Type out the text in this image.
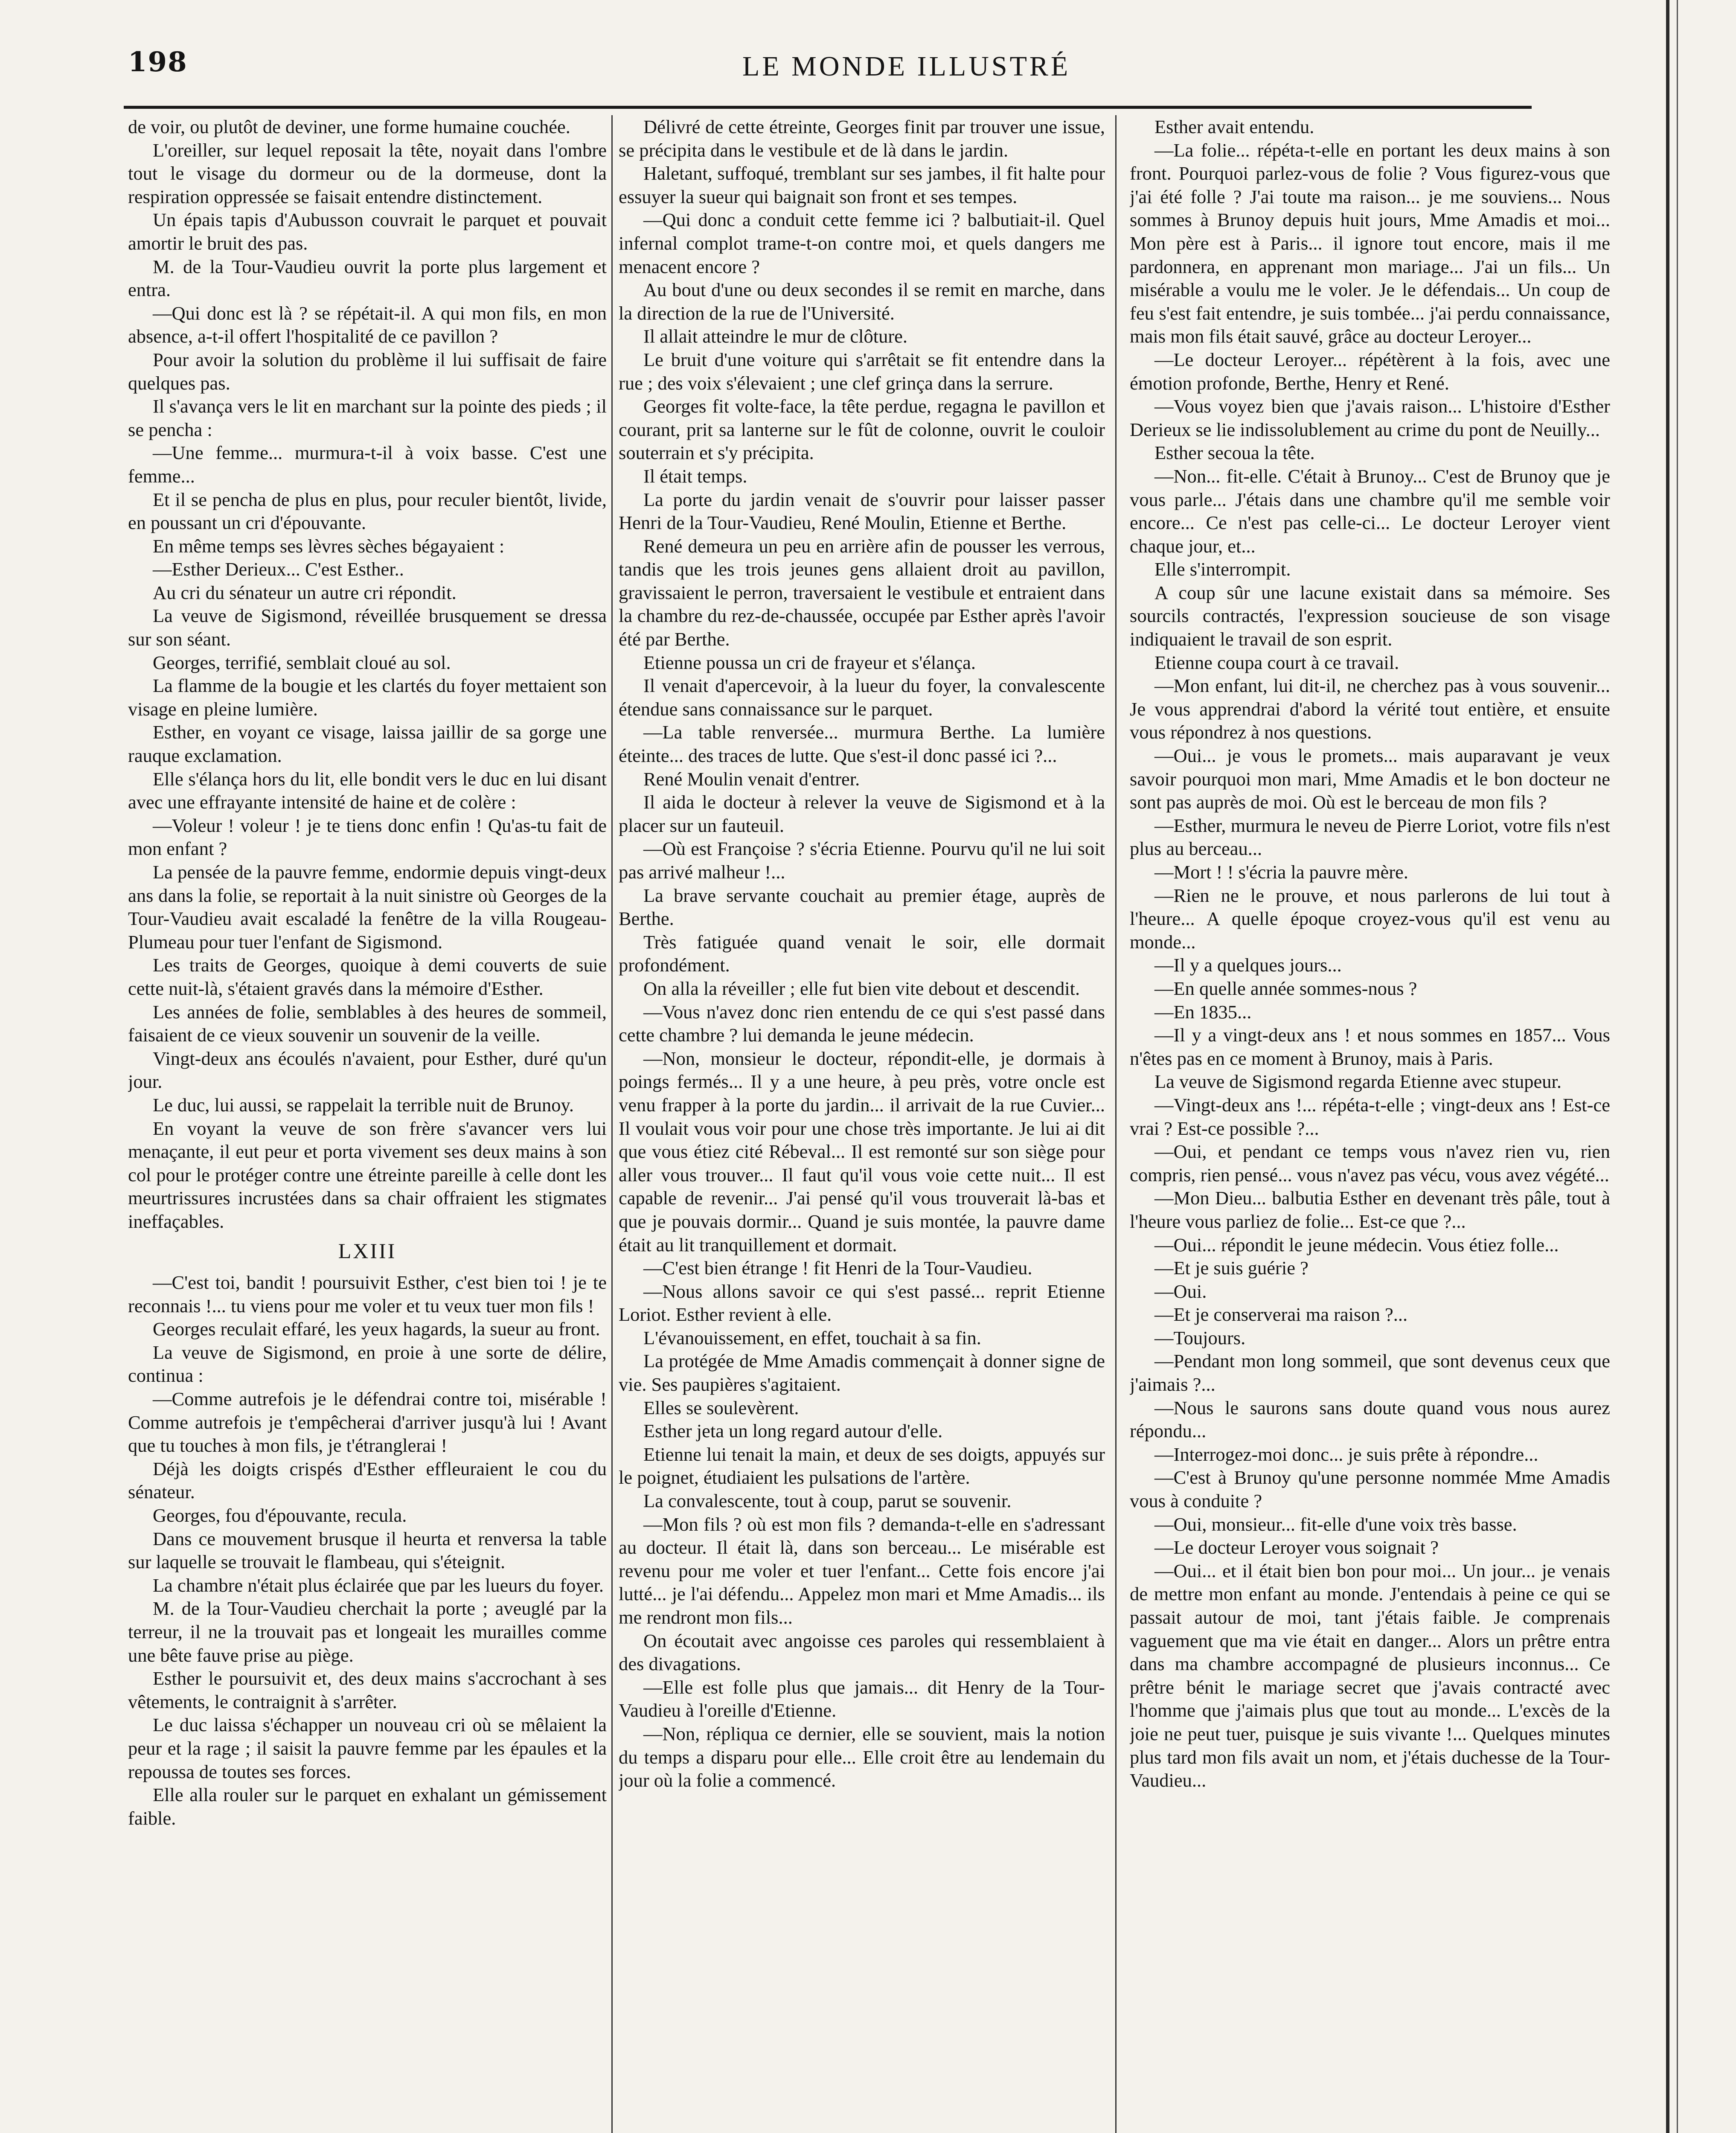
198	LE MONDE ILLUSTRÉ

de voir, ou plutôt de deviner, une forme humaine couchée.

L'oreiller, sur lequel reposait la tête, noyait dans l'ombre tout le visage du dormeur ou de la dormeuse, dont la respiration oppressée se faisait entendre distinctement.

Un épais tapis d'Aubusson couvrait le parquet et pouvait amortir le bruit des pas.

M. de la Tour-Vaudieu ouvrit la porte plus largement et entra.

—Qui donc est là ? se répétait-il. A qui mon fils, en mon absence, a-t-il offert l'hospitalité de ce pavillon ?

Pour avoir la solution du problème il lui suffisait de faire quelques pas.

Il s'avança vers le lit en marchant sur la pointe des pieds ; il se pencha :

—Une femme... murmura-t-il à voix basse. C'est une femme...

Et il se pencha de plus en plus, pour reculer bientôt, livide, en poussant un cri d'épouvante.

En même temps ses lèvres sèches bégayaient :

—Esther Derieux... C'est Esther..

Au cri du sénateur un autre cri répondit.

La veuve de Sigismond, réveillée brusquement se dressa sur son séant.

Georges, terrifié, semblait cloué au sol.

La flamme de la bougie et les clartés du foyer mettaient son visage en pleine lumière.

Esther, en voyant ce visage, laissa jaillir de sa gorge une rauque exclamation.

Elle s'élança hors du lit, elle bondit vers le duc en lui disant avec une effrayante intensité de haine et de colère :

—Voleur ! voleur ! je te tiens donc enfin ! Qu'as-tu fait de mon enfant ?

La pensée de la pauvre femme, endormie depuis vingt-deux ans dans la folie, se reportait à la nuit sinistre où Georges de la Tour-Vaudieu avait escaladé la fenêtre de la villa Rougeau-Plumeau pour tuer l'enfant de Sigismond.

Les traits de Georges, quoique à demi couverts de suie cette nuit-là, s'étaient gravés dans la mémoire d'Esther.

Les années de folie, semblables à des heures de sommeil, faisaient de ce vieux souvenir un souvenir de la veille.

Vingt-deux ans écoulés n'avaient, pour Esther, duré qu'un jour.

Le duc, lui aussi, se rappelait la terrible nuit de Brunoy.

En voyant la veuve de son frère s'avancer vers lui menaçante, il eut peur et porta vivement ses deux mains à son col pour le protéger contre une étreinte pareille à celle dont les meurtrissures incrustées dans sa chair offraient les stigmates ineffaçables.

LXIII

—C'est toi, bandit ! poursuivit Esther, c'est bien toi ! je te reconnais !... tu viens pour me voler et tu veux tuer mon fils !

Georges reculait effaré, les yeux hagards, la sueur au front.

La veuve de Sigismond, en proie à une sorte de délire, continua :

—Comme autrefois je le défendrai contre toi, misérable ! Comme autrefois je t'empêcherai d'arriver jusqu'à lui ! Avant que tu touches à mon fils, je t'étranglerai !

Déjà les doigts crispés d'Esther effleuraient le cou du sénateur.

Georges, fou d'épouvante, recula.

Dans ce mouvement brusque il heurta et renversa la table sur laquelle se trouvait le flambeau, qui s'éteignit.

La chambre n'était plus éclairée que par les lueurs du foyer.

M. de la Tour-Vaudieu cherchait la porte ; aveuglé par la terreur, il ne la trouvait pas et longeait les murailles comme une bête fauve prise au piège.

Esther le poursuivit et, des deux mains s'accrochant à ses vêtements, le contraignit à s'arrêter.

Le duc laissa s'échapper un nouveau cri où se mêlaient la peur et la rage ; il saisit la pauvre femme par les épaules et la repoussa de toutes ses forces.

Elle alla rouler sur le parquet en exhalant un gémissement faible.

Délivré de cette étreinte, Georges finit par trouver une issue, se précipita dans le vestibule et de là dans le jardin.

Haletant, suffoqué, tremblant sur ses jambes, il fit halte pour essuyer la sueur qui baignait son front et ses tempes.

—Qui donc a conduit cette femme ici ? balbutiait-il. Quel infernal complot trame-t-on contre moi, et quels dangers me menacent encore ?

Au bout d'une ou deux secondes il se remit en marche, dans la direction de la rue de l'Université.

Il allait atteindre le mur de clôture.

Le bruit d'une voiture qui s'arrêtait se fit entendre dans la rue ; des voix s'élevaient ; une clef grinça dans la serrure.

Georges fit volte-face, la tête perdue, regagna le pavillon et courant, prit sa lanterne sur le fût de colonne, ouvrit le couloir souterrain et s'y précipita.

Il était temps.

La porte du jardin venait de s'ouvrir pour laisser passer Henri de la Tour-Vaudieu, René Moulin, Etienne et Berthe.

René demeura un peu en arrière afin de pousser les verrous, tandis que les trois jeunes gens allaient droit au pavillon, gravissaient le perron, traversaient le vestibule et entraient dans la chambre du rez-de-chaussée, occupée par Esther après l'avoir été par Berthe.

Etienne poussa un cri de frayeur et s'élança.

Il venait d'apercevoir, à la lueur du foyer, la convalescente étendue sans connaissance sur le parquet.

—La table renversée... murmura Berthe. La lumière éteinte... des traces de lutte. Que s'est-il donc passé ici ?...

René Moulin venait d'entrer.

Il aida le docteur à relever la veuve de Sigismond et à la placer sur un fauteuil.

—Où est Françoise ? s'écria Etienne. Pourvu qu'il ne lui soit pas arrivé malheur !...

La brave servante couchait au premier étage, auprès de Berthe.

Très fatiguée quand venait le soir, elle dormait profondément.

On alla la réveiller ; elle fut bien vite debout et descendit.

—Vous n'avez donc rien entendu de ce qui s'est passé dans cette chambre ? lui demanda le jeune médecin.

—Non, monsieur le docteur, répondit-elle, je dormais à poings fermés... Il y a une heure, à peu près, votre oncle est venu frapper à la porte du jardin... il arrivait de la rue Cuvier... Il voulait vous voir pour une chose très importante. Je lui ai dit que vous étiez cité Rébeval... Il est remonté sur son siège pour aller vous trouver... Il faut qu'il vous voie cette nuit... Il est capable de revenir... J'ai pensé qu'il vous trouverait là-bas et que je pouvais dormir... Quand je suis montée, la pauvre dame était au lit tranquillement et dormait.

—C'est bien étrange ! fit Henri de la Tour-Vaudieu.

—Nous allons savoir ce qui s'est passé... reprit Etienne Loriot. Esther revient à elle.

L'évanouissement, en effet, touchait à sa fin.

La protégée de Mme Amadis commençait à donner signe de vie. Ses paupières s'agitaient.

Elles se soulevèrent.

Esther jeta un long regard autour d'elle.

Etienne lui tenait la main, et deux de ses doigts, appuyés sur le poignet, étudiaient les pulsations de l'artère.

La convalescente, tout à coup, parut se souvenir.

—Mon fils ? où est mon fils ? demanda-t-elle en s'adressant au docteur. Il était là, dans son berceau... Le misérable est revenu pour me voler et tuer l'enfant... Cette fois encore j'ai lutté... je l'ai défendu... Appelez mon mari et Mme Amadis... ils me rendront mon fils...

On écoutait avec angoisse ces paroles qui ressemblaient à des divagations.

—Elle est folle plus que jamais... dit Henry de la Tour-Vaudieu à l'oreille d'Etienne.

—Non, répliqua ce dernier, elle se souvient, mais la notion du temps a disparu pour elle... Elle croit être au lendemain du jour où la folie a commencé.

Esther avait entendu.

—La folie... répéta-t-elle en portant les deux mains à son front. Pourquoi parlez-vous de folie ? Vous figurez-vous que j'ai été folle ? J'ai toute ma raison... je me souviens... Nous sommes à Brunoy depuis huit jours, Mme Amadis et moi... Mon père est à Paris... il ignore tout encore, mais il me pardonnera, en apprenant mon mariage... J'ai un fils... Un misérable a voulu me le voler. Je le défendais... Un coup de feu s'est fait entendre, je suis tombée... j'ai perdu connaissance, mais mon fils était sauvé, grâce au docteur Leroyer...

—Le docteur Leroyer... répétèrent à la fois, avec une émotion profonde, Berthe, Henry et René.

—Vous voyez bien que j'avais raison... L'histoire d'Esther Derieux se lie indissolublement au crime du pont de Neuilly...

Esther secoua la tête.

—Non... fit-elle. C'était à Brunoy... C'est de Brunoy que je vous parle... J'étais dans une chambre qu'il me semble voir encore... Ce n'est pas celle-ci... Le docteur Leroyer vient chaque jour, et...

Elle s'interrompit.

A coup sûr une lacune existait dans sa mémoire. Ses sourcils contractés, l'expression soucieuse de son visage indiquaient le travail de son esprit.

Etienne coupa court à ce travail.

—Mon enfant, lui dit-il, ne cherchez pas à vous souvenir... Je vous apprendrai d'abord la vérité tout entière, et ensuite vous répondrez à nos questions.

—Oui... je vous le promets... mais auparavant je veux savoir pourquoi mon mari, Mme Amadis et le bon docteur ne sont pas auprès de moi. Où est le berceau de mon fils ?

—Esther, murmura le neveu de Pierre Loriot, votre fils n'est plus au berceau...

—Mort ! ! s'écria la pauvre mère.

—Rien ne le prouve, et nous parlerons de lui tout à l'heure... A quelle époque croyez-vous qu'il est venu au monde...

—Il y a quelques jours...

—En quelle année sommes-nous ?

—En 1835...

—Il y a vingt-deux ans ! et nous sommes en 1857... Vous n'êtes pas en ce moment à Brunoy, mais à Paris.

La veuve de Sigismond regarda Etienne avec stupeur.

—Vingt-deux ans !... répéta-t-elle ; vingt-deux ans ! Est-ce vrai ? Est-ce possible ?...

—Oui, et pendant ce temps vous n'avez rien vu, rien compris, rien pensé... vous n'avez pas vécu, vous avez végété...

—Mon Dieu... balbutia Esther en devenant très pâle, tout à l'heure vous parliez de folie... Est-ce que ?...

—Oui... répondit le jeune médecin. Vous étiez folle...

—Et je suis guérie ?

—Oui.

—Et je conserverai ma raison ?...

—Toujours.

—Pendant mon long sommeil, que sont devenus ceux que j'aimais ?...

—Nous le saurons sans doute quand vous nous aurez répondu...

—Interrogez-moi donc... je suis prête à répondre...

—C'est à Brunoy qu'une personne nommée Mme Amadis vous à conduite ?

—Oui, monsieur... fit-elle d'une voix très basse.

—Le docteur Leroyer vous soignait ?

—Oui... et il était bien bon pour moi... Un jour... je venais de mettre mon enfant au monde. J'entendais à peine ce qui se passait autour de moi, tant j'étais faible. Je comprenais vaguement que ma vie était en danger... Alors un prêtre entra dans ma chambre accompagné de plusieurs inconnus... Ce prêtre bénit le mariage secret que j'avais contracté avec l'homme que j'aimais plus que tout au monde... L'excès de la joie ne peut tuer, puisque je suis vivante !... Quelques minutes plus tard mon fils avait un nom, et j'étais duchesse de la Tour-Vaudieu...
